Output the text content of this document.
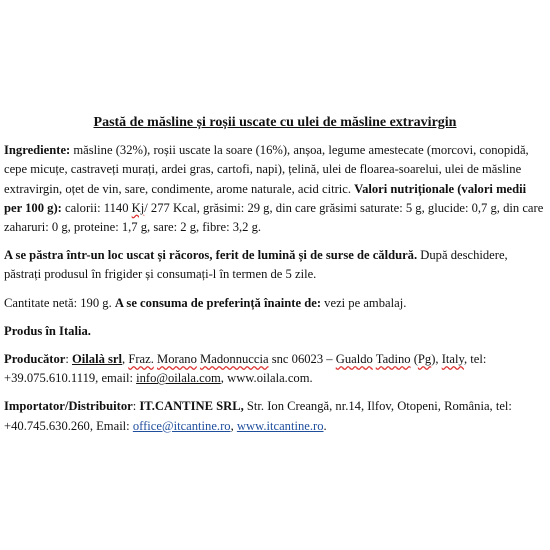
Pastă de măsline și roșii uscate cu ulei de măsline extravirgin

Ingrediente: măsline (32%), roșii uscate la soare (16%), anșoa, legume amestecate (morcovi, conopidă, cepe micuțe, castraveți murați, ardei gras, cartofi, napi), țelină, ulei de floarea-soarelui, ulei de măsline extravirgin, oțet de vin, sare, condimente, arome naturale, acid citric. Valori nutriționale (valori medii per 100 g): calorii: 1140 Kj/ 277 Kcal, grăsimi: 29 g, din care grăsimi saturate: 5 g, glucide: 0,7 g, din care zaharuri: 0 g, proteine: 1,7 g, sare: 2 g, fibre: 3,2 g.

A se păstra într-un loc uscat și răcoros, ferit de lumină și de surse de căldură. După deschidere, păstrați produsul în frigider și consumați-l în termen de 5 zile.

Cantitate netă: 190 g. A se consuma de preferință înainte de: vezi pe ambalaj.

Produs în Italia.

Producător: Oilalà srl, Fraz. Morano Madonnuccia snc 06023 – Gualdo Tadino (Pg), Italy, tel: +39.075.610.1119, email: info@oilala.com, www.oilala.com.

Importator/Distribuitor: IT.CANTINE SRL, Str. Ion Creangă, nr.14, Ilfov, Otopeni, România, tel: +40.745.630.260, Email: office@itcantine.ro, www.itcantine.ro.
